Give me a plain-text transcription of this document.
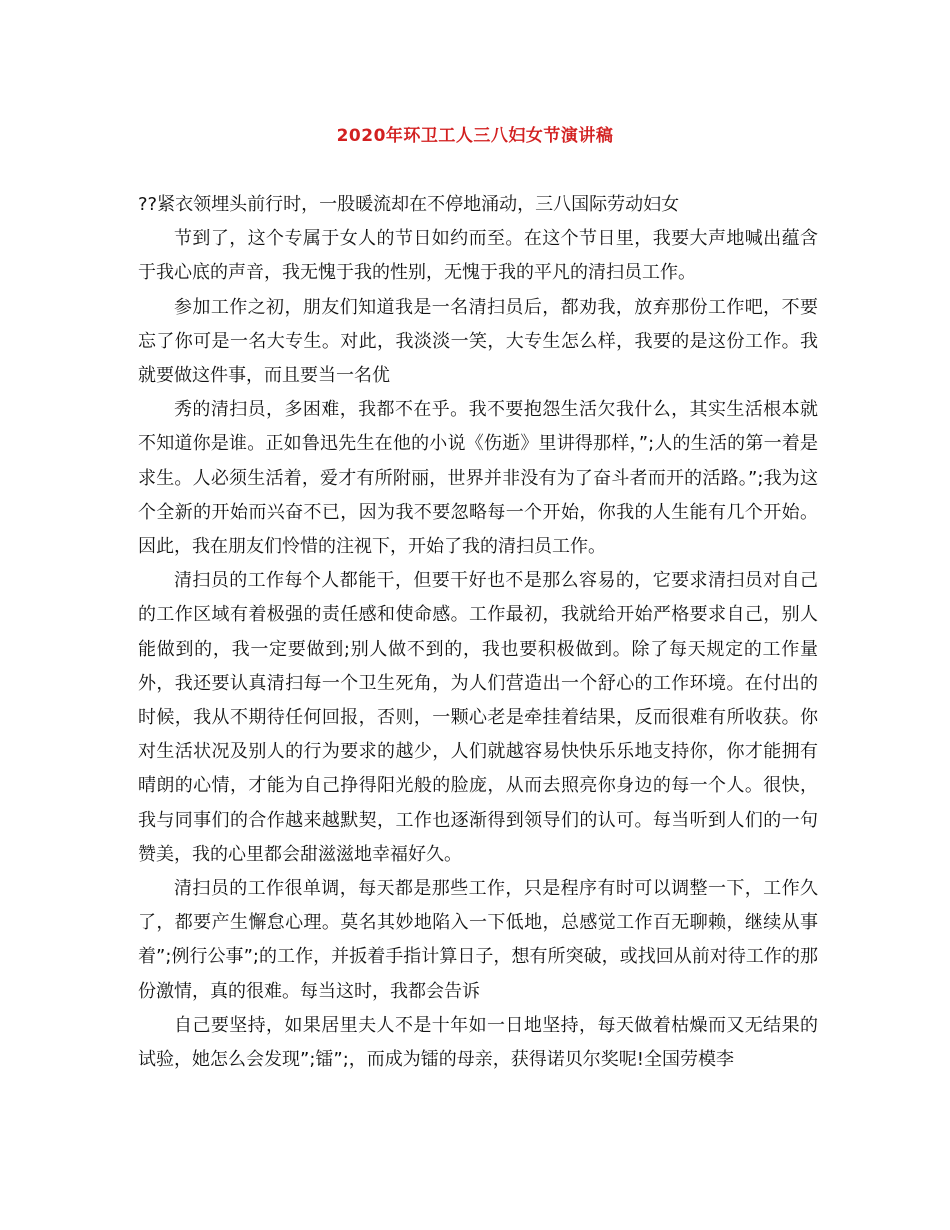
2020年环卫工人三八妇女节演讲稿

??紧衣领埋头前行时，一股暖流却在不停地涌动，三八国际劳动妇女

节到了，这个专属于女人的节日如约而至。在这个节日里，我要大声地喊出蕴含于我心底的声音，我无愧于我的性别，无愧于我的平凡的清扫员工作。

参加工作之初，朋友们知道我是一名清扫员后，都劝我，放弃那份工作吧，不要忘了你可是一名大专生。对此，我淡淡一笑，大专生怎么样，我要的是这份工作。我就要做这件事，而且要当一名优

秀的清扫员，多困难，我都不在乎。我不要抱怨生活欠我什么，其实生活根本就不知道你是谁。正如鲁迅先生在他的小说《伤逝》里讲得那样，”;人的生活的第一着是求生。人必须生活着，爱才有所附丽，世界并非没有为了奋斗者而开的活路。”;我为这个全新的开始而兴奋不已，因为我不要忽略每一个开始，你我的人生能有几个开始。因此，我在朋友们怜惜的注视下，开始了我的清扫员工作。

清扫员的工作每个人都能干，但要干好也不是那么容易的，它要求清扫员对自己的工作区域有着极强的责任感和使命感。工作最初，我就给开始严格要求自己，别人能做到的，我一定要做到;别人做不到的，我也要积极做到。除了每天规定的工作量外，我还要认真清扫每一个卫生死角，为人们营造出一个舒心的工作环境。在付出的时候，我从不期待任何回报，否则，一颗心老是牵挂着结果，反而很难有所收获。你对生活状况及别人的行为要求的越少，人们就越容易快快乐乐地支持你，你才能拥有晴朗的心情，才能为自己挣得阳光般的脸庞，从而去照亮你身边的每一个人。很快，我与同事们的合作越来越默契，工作也逐渐得到领导们的认可。每当听到人们的一句赞美，我的心里都会甜滋滋地幸福好久。

清扫员的工作很单调，每天都是那些工作，只是程序有时可以调整一下，工作久了，都要产生懈怠心理。莫名其妙地陷入一下低地，总感觉工作百无聊赖，继续从事着”;例行公事”;的工作，并扳着手指计算日子，想有所突破，或找回从前对待工作的那份激情，真的很难。每当这时，我都会告诉

自己要坚持，如果居里夫人不是十年如一日地坚持，每天做着枯燥而又无结果的试验，她怎么会发现”;镭”;，而成为镭的母亲，获得诺贝尔奖呢!全国劳模李
